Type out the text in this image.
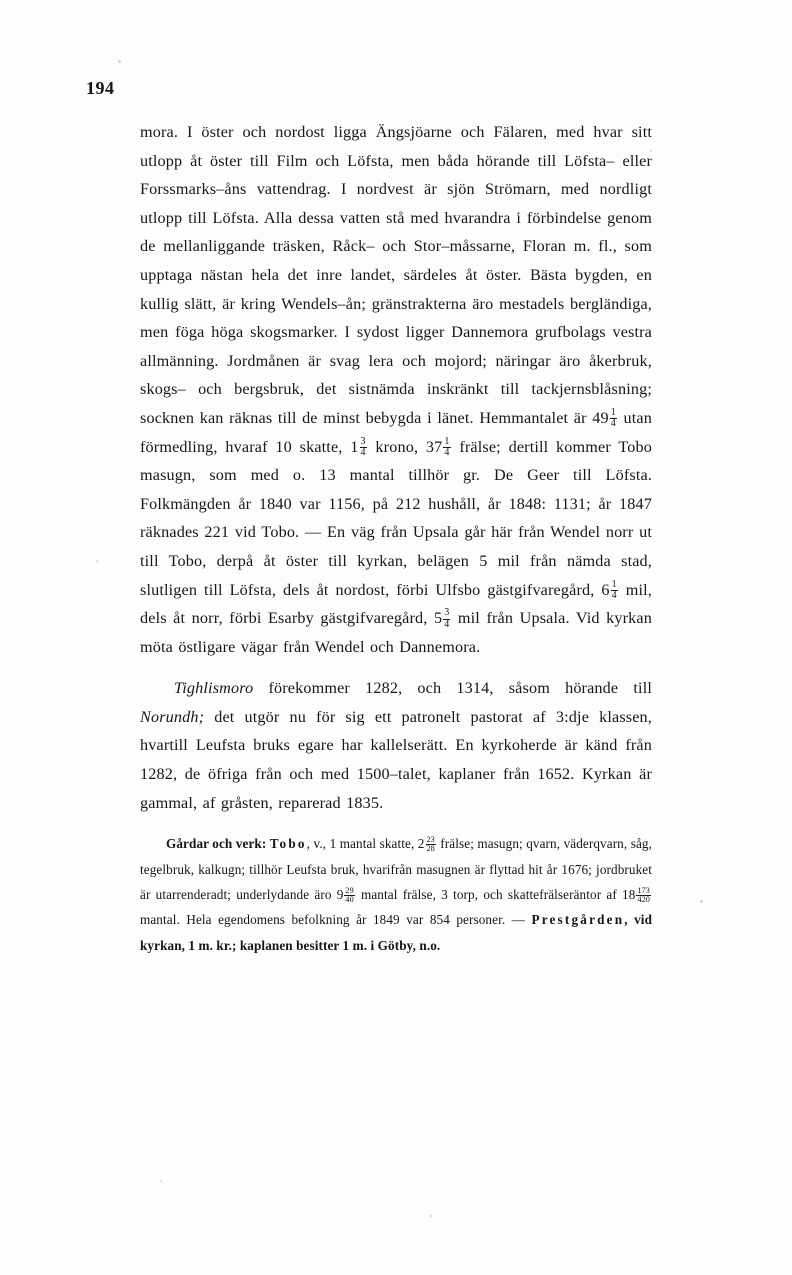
194

mora. I öster och nordost ligga Ängsjöarne och Fälaren, med hvar sitt utlopp åt öster till Film och Löfsta, men båda hörande till Löfsta– eller Forssmarks–åns vattendrag. I nordvest är sjön Strömarn, med nordligt utlopp till Löfsta. Alla dessa vatten stå med hvarandra i förbindelse genom de mellanliggande träsken, Råck– och Stor–måssarne, Floran m. fl., som upptaga nästan hela det inre landet, särdeles åt öster. Bästa bygden, en kullig slätt, är kring Wendels–ån; gränstrakterna äro mestadels bergländiga, men föga höga skogsmarker. I sydost ligger Dannemora grufbolags vestra allmänning. Jordmånen är svag lera och mojord; näringar äro åkerbruk, skogs– och bergsbruk, det sistnämda inskränkt till tackjernsblåsning; socknen kan räknas till de minst bebygda i länet. Hemmantalet är $49 \frac{1}{4}$ utan förmedling, hvaraf 10 skatte, $1 \frac{3}{4}$ krono, $37 \frac{1}{4}$ frälse; dertill kommer Tobo masugn, som med o. 13 mantal tillhör gr. De Geer till Löfsta. Folkmängden år 1840 var 1156, på 212 hushåll, år 1848: 1131; år 1847 räknades 221 vid Tobo. — En väg från Upsala går här från Wendel norr ut till Tobo, derpå åt öster till kyrkan, belägen 5 mil från nämda stad, slutligen till Löfsta, dels åt nordost, förbi Ulfsbo gästgifvaregård, $6 \frac{1}{4}$ mil, dels åt norr, förbi Esarby gästgifvaregård, $5 \frac{3}{4}$ mil från Upsala. Vid kyrkan möta östligare vägar från Wendel och Dannemora.

Tighlismoro förekommer 1282, och 1314, såsom hörande till Norundh; det utgör nu för sig ett patronelt pastorat af 3:dje klassen, hvartill Leufsta bruks egare har kallelserätt. En kyrkoherde är känd från 1282, de öfriga från och med 1500–talet, kaplaner från 1652. Kyrkan är gammal, af gråsten, reparerad 1835.

Gårdar och verk: Tobo, v., 1 mantal skatte, $2 \frac{23}{28}$ frälse; masugn; qvarn, väderqvarn, såg, tegelbruk, kalkugn; tillhör Leufsta bruk, hvarifrån masugnen är flyttad hit år 1676; jordbruket är utarrenderadt; underlydande äro $9 \frac{29}{40}$ mantal frälse, 3 torp, och skattefrälseräntor af $18 \frac{173}{420}$
mantal. Hela egendomens befolkning år 1849 var 854 personer. — Prestgården, vid kyrkan, 1 m. kr.; kaplanen besitter 1 m. i Götby, n.o.
